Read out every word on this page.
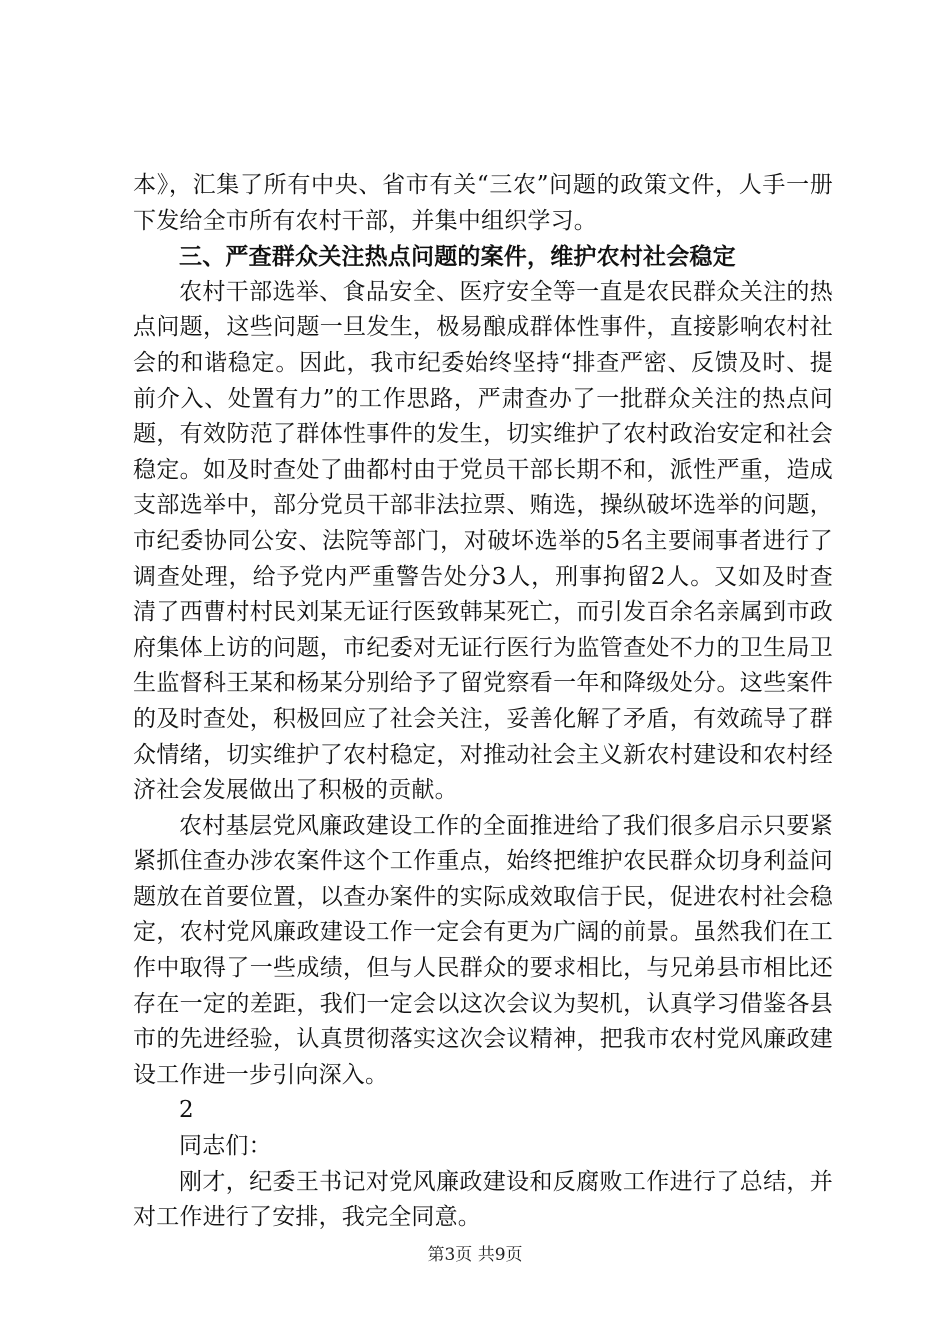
本》，汇集了所有中央、省市有关“三农”问题的政策文件，人手一册下发给全市所有农村干部，并集中组织学习。

三、严查群众关注热点问题的案件，维护农村社会稳定

农村干部选举、食品安全、医疗安全等一直是农民群众关注的热点问题，这些问题一旦发生，极易酿成群体性事件，直接影响农村社会的和谐稳定。因此，我市纪委始终坚持“排查严密、反馈及时、提前介入、处置有力”的工作思路，严肃查办了一批群众关注的热点问题，有效防范了群体性事件的发生，切实维护了农村政治安定和社会稳定。如及时查处了曲都村由于党员干部长期不和，派性严重，造成支部选举中，部分党员干部非法拉票、贿选，操纵破坏选举的问题，市纪委协同公安、法院等部门，对破坏选举的5名主要闹事者进行了调查处理，给予党内严重警告处分3人，刑事拘留2人。又如及时查清了西曹村村民刘某无证行医致韩某死亡，而引发百余名亲属到市政府集体上访的问题，市纪委对无证行医行为监管查处不力的卫生局卫生监督科王某和杨某分别给予了留党察看一年和降级处分。这些案件的及时查处，积极回应了社会关注，妥善化解了矛盾，有效疏导了群众情绪，切实维护了农村稳定，对推动社会主义新农村建设和农村经济社会发展做出了积极的贡献。

农村基层党风廉政建设工作的全面推进给了我们很多启示只要紧紧抓住查办涉农案件这个工作重点，始终把维护农民群众切身利益问题放在首要位置，以查办案件的实际成效取信于民，促进农村社会稳定，农村党风廉政建设工作一定会有更为广阔的前景。虽然我们在工作中取得了一些成绩，但与人民群众的要求相比，与兄弟县市相比还存在一定的差距，我们一定会以这次会议为契机，认真学习借鉴各县市的先进经验，认真贯彻落实这次会议精神，把我市农村党风廉政建设工作进一步引向深入。

2

同志们：

刚才，纪委王书记对党风廉政建设和反腐败工作进行了总结，并对工作进行了安排，我完全同意。

第3页 共9页
